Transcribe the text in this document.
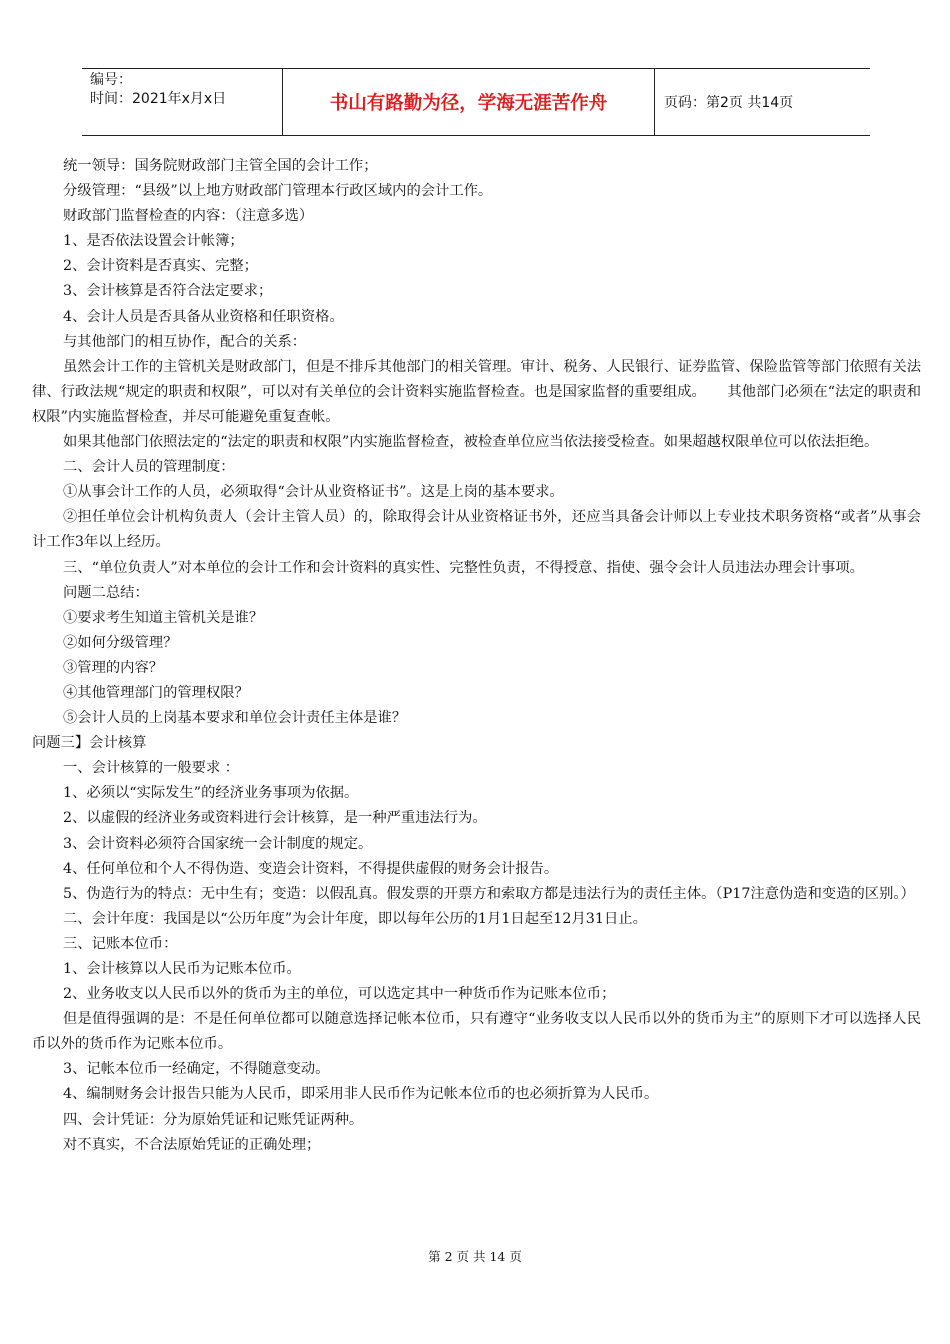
编号：
时间：2021年x月x日	书山有路勤为径，学海无涯苦作舟	页码：第2页 共14页

统一领导：国务院财政部门主管全国的会计工作；

分级管理：“县级”以上地方财政部门管理本行政区域内的会计工作。

财政部门监督检查的内容：（注意多选）

1、是否依法设置会计帐簿；

2、会计资料是否真实、完整；

3、会计核算是否符合法定要求；

4、会计人员是否具备从业资格和任职资格。

与其他部门的相互协作，配合的关系：

虽然会计工作的主管机关是财政部门，但是不排斥其他部门的相关管理。审计、税务、人民银行、证券监管、保险监管等部门依照有关法律、行政法规“规定的职责和权限”，可以对有关单位的会计资料实施监督检查。也是国家监督的重要组成。　　其他部门必须在“法定的职责和权限”内实施监督检查，并尽可能避免重复查帐。

如果其他部门依照法定的“法定的职责和权限”内实施监督检查，被检查单位应当依法接受检查。如果超越权限单位可以依法拒绝。

二、会计人员的管理制度：

①从事会计工作的人员，必须取得“会计从业资格证书”。这是上岗的基本要求。

②担任单位会计机构负责人（会计主管人员）的，除取得会计从业资格证书外，还应当具备会计师以上专业技术职务资格“或者”从事会计工作3年以上经历。

三、“单位负责人”对本单位的会计工作和会计资料的真实性、完整性负责，不得授意、指使、强令会计人员违法办理会计事项。

问题二总结：

①要求考生知道主管机关是谁？

②如何分级管理？

③管理的内容？

④其他管理部门的管理权限？

⑤会计人员的上岗基本要求和单位会计责任主体是谁？

问题三】会计核算

一、会计核算的一般要求 ：

1、必须以“实际发生”的经济业务事项为依据。

2、以虚假的经济业务或资料进行会计核算，是一种严重违法行为。

3、会计资料必须符合国家统一会计制度的规定。

4、任何单位和个人不得伪造、变造会计资料，不得提供虚假的财务会计报告。

5、伪造行为的特点：无中生有；变造：以假乱真。假发票的开票方和索取方都是违法行为的责任主体。（P17注意伪造和变造的区别。）

二、会计年度：我国是以“公历年度”为会计年度，即以每年公历的1月1日起至12月31日止。

三、记账本位币：

1、会计核算以人民币为记账本位币。

2、业务收支以人民币以外的货币为主的单位，可以选定其中一种货币作为记账本位币；

但是值得强调的是：不是任何单位都可以随意选择记帐本位币，只有遵守“业务收支以人民币以外的货币为主”的原则下才可以选择人民币以外的货币作为记账本位币。

3、记帐本位币一经确定，不得随意变动。

4、编制财务会计报告只能为人民币，即采用非人民币作为记帐本位币的也必须折算为人民币。

四、会计凭证：分为原始凭证和记账凭证两种。

对不真实，不合法原始凭证的正确处理；

第 2 页 共 14 页
